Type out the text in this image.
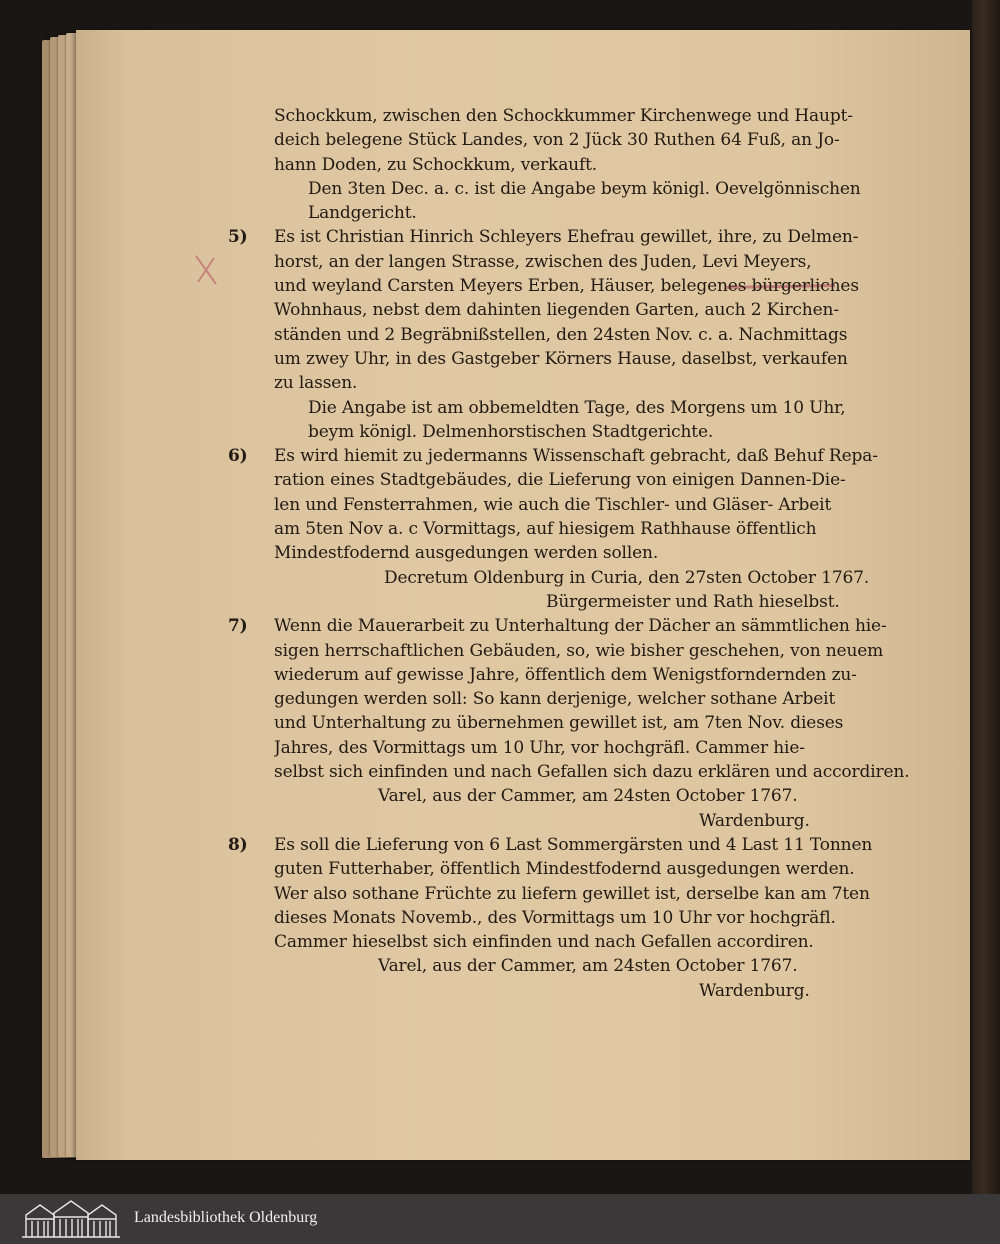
Schockkum, zwischen den Schockkummer Kirchenwege und Haupt-
deich belegene Stück Landes, von 2 Jück 30 Ruthen 64 Fuß, an Jo-
hann Doden, zu Schockkum, verkauft.

Den 3ten Dec. a. c. ist die Angabe beym königl. Oevelgönnischen
Landgericht.

5)	Es ist Christian Hinrich Schleyers Ehefrau gewillet, ihre, zu Delmen-
horst, an der langen Strasse, zwischen des Juden, Levi Meyers,
und weyland Carsten Meyers Erben, Häuser, belegenes bürgerliches
Wohnhaus, nebst dem dahinten liegenden Garten, auch 2 Kirchen-
ständen und 2 Begräbnißstellen, den 24sten Nov. c. a. Nachmittags
um zwey Uhr, in des Gastgeber Körners Hause, daselbst, verkaufen
zu lassen.

Die Angabe ist am obbemeldten Tage, des Morgens um 10 Uhr,
beym königl. Delmenhorstischen Stadtgerichte.

6)	Es wird hiemit zu jedermanns Wissenschaft gebracht, daß Behuf Repa-
ration eines Stadtgebäudes, die Lieferung von einigen Dannen-Die-
len und Fensterrahmen, wie auch die Tischler- und Gläser- Arbeit
am 5ten Nov a. c Vormittags, auf hiesigem Rathhause öffentlich
Mindestfodernd ausgedungen werden sollen.

Decretum Oldenburg in Curia, den 27sten October 1767.
Bürgermeister und Rath hieselbst.
7)	Wenn die Mauerarbeit zu Unterhaltung der Dächer an sämmtlichen hie-
sigen herrschaftlichen Gebäuden, so, wie bisher geschehen, von neuem
wiederum auf gewisse Jahre, öffentlich dem Wenigstforndernden zu-
gedungen werden soll: So kann derjenige, welcher sothane Arbeit
und Unterhaltung zu übernehmen gewillet ist, am 7ten Nov. dieses
Jahres, des Vormittags um 10 Uhr, vor hochgräfl. Cammer hie-
selbst sich einfinden und nach Gefallen sich dazu erklären und accordiren.

Varel, aus der Cammer, am 24sten October 1767.
Wardenburg.
8)	Es soll die Lieferung von 6 Last Sommergärsten und 4 Last 11 Tonnen
guten Futterhaber, öffentlich Mindestfodernd ausgedungen werden.
Wer also sothane Früchte zu liefern gewillet ist, derselbe kan am 7ten
dieses Monats Novemb., des Vormittags um 10 Uhr vor hochgräfl.
Cammer hieselbst sich einfinden und nach Gefallen accordiren.

Varel, aus der Cammer, am 24sten October 1767.
Wardenburg.
Landesbibliothek Oldenburg
